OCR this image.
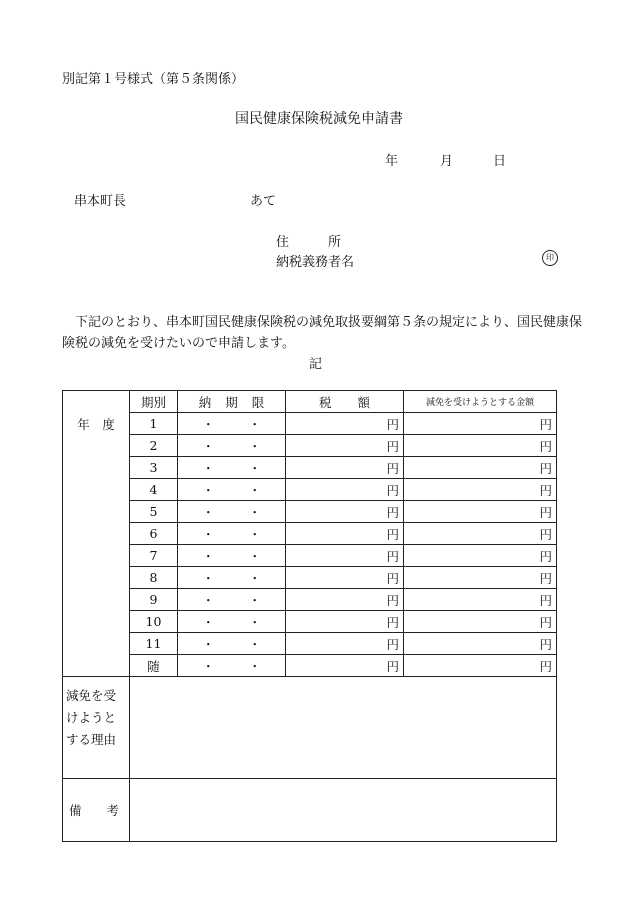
別記第１号様式（第５条関係）
国民健康保険税減免申請書
年	月	日
串本町長	あて
住　　　所
納税義務者名	印
下記のとおり、串本町国民健康保険税の減免取扱要綱第５条の規定により、国民健康保険税の減免を受けたいので申請します。
記
年　度	期別	納期限	税額	減免を受けようとする金額
	1	・ ・	円	円
	2	・ ・	円	円
	3	・ ・	円	円
	4	・ ・	円	円
	5	・ ・	円	円
	6	・ ・	円	円
	7	・ ・	円	円
	8	・ ・	円	円
	9	・ ・	円	円
	10	・ ・	円	円
	11	・ ・	円	円
	随	・ ・	円	円
減免を受けようとする理由				
備　　考				
